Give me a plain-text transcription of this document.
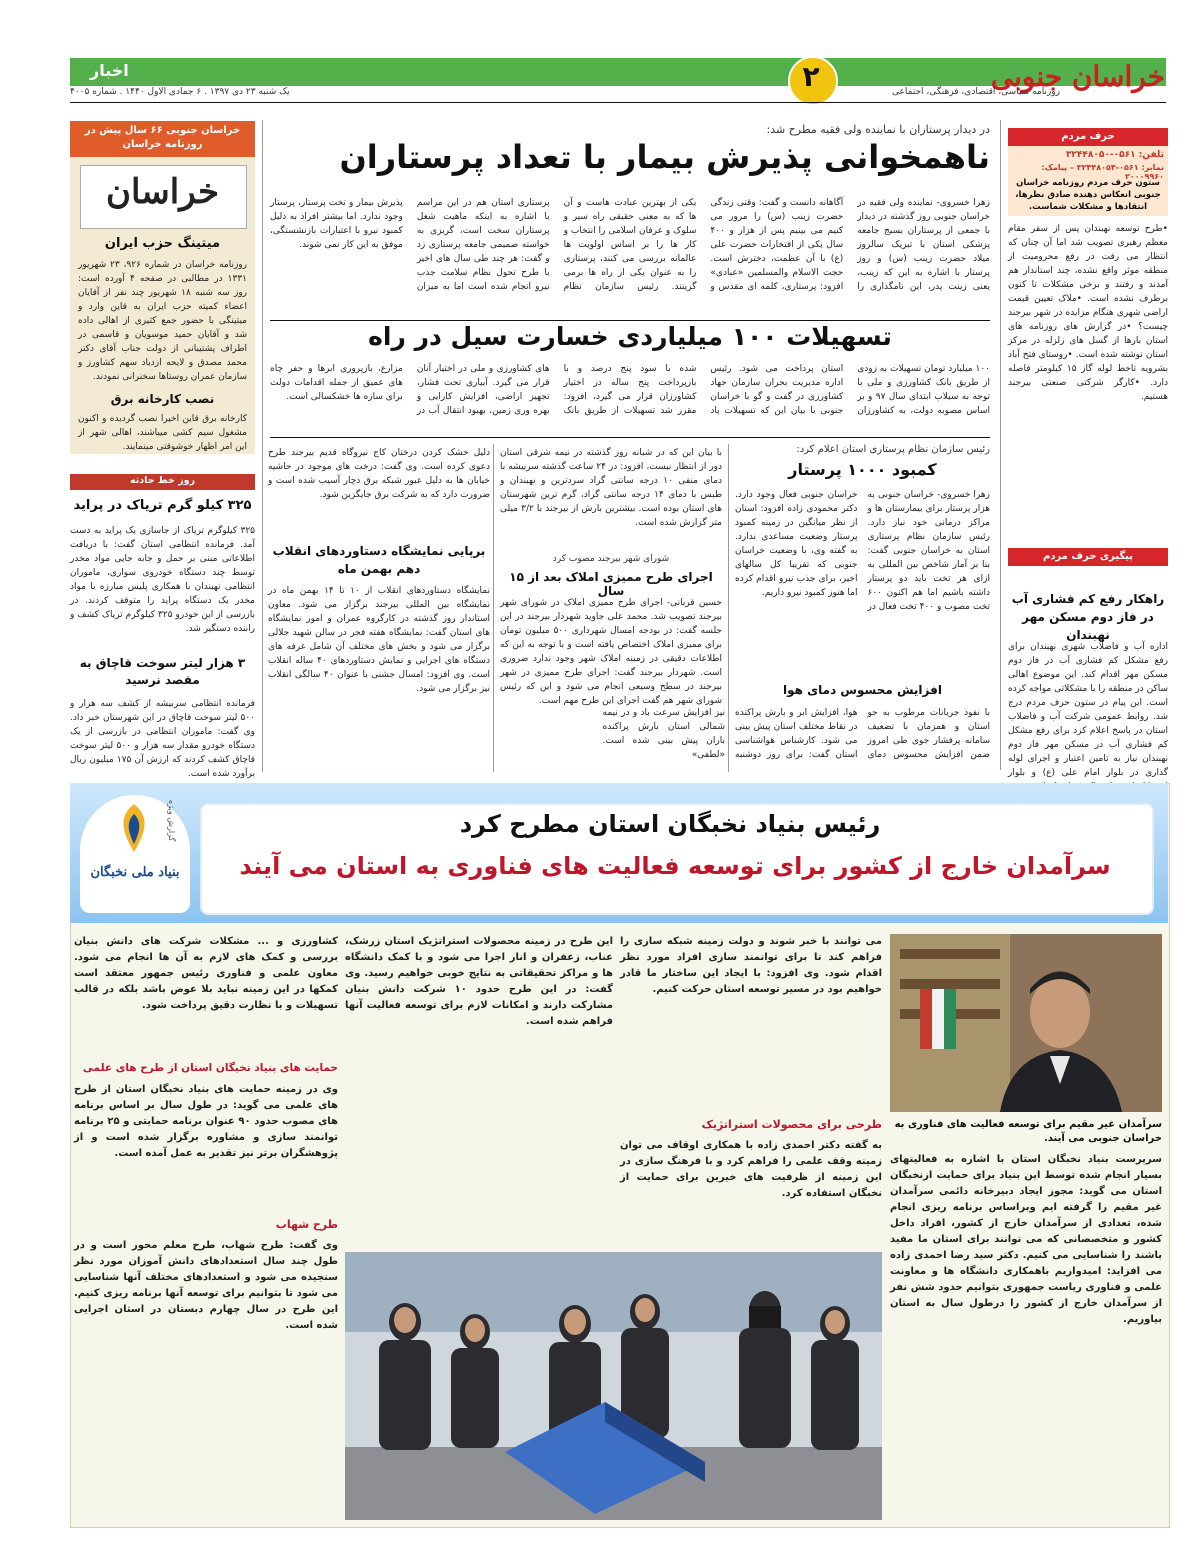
اخبار	۲	خراسان جنوبی
روزنامه سیاسی، اقتصادی، فرهنگی، اجتماعی
یک شنبه ۲۳ دی ۱۳۹۷ . ۶ جمادی الاول ۱۴۴۰ . شماره ۴۰۰۵
حرف مردم
تلفن: ۰۵۶۱-۳۲۴۴۸۰۵۰
نمابر: ۰۵۶۱-۳۲۴۴۸۰۵۴ – پیامک: ۲۰۰۰۹۹۶۰
ستون حرف مردم روزنامه خراسان جنوبی انعکاس دهنده صادق نظرها، انتقادها و مشکلات شماست.
•طرح توسعه نهبندان پس از سفر مقام معظم رهبری تصویب شد اما آن چنان که انتظار می رفت در رفع محرومیت از منطقه موثر واقع نشده، چند استاندار هم آمدند و رفتند و برخی مشکلات تا کنون برطرف نشده است. •ملاک تعیین قیمت اراضی شهری هنگام مزایده در شهر بیرجند چیست؟ •در گزارش های روزنامه های استان بارها از گسل های زلزله در مرکز استان نوشته شده است. •روستای فتح آباد بشرویه تاخط لوله گاز ۱۵ کیلومتر فاصله دارد. •کارگر شرکتی صنعتی بیرجند هستیم.
پیگیری حرف مردم
راهکار رفع کم فشاری آب در فاز دوم مسکن مهر نهبندان
اداره آب و فاضلاب شهری نهبندان برای رفع مشکل کم فشاری آب در فاز دوم مسکن مهر اقدام کند. این موضوع اهالی ساکن در منطقه را با مشکلاتی مواجه کرده است. این پیام در ستون حرف مردم درج شد. روابط عمومی شرکت آب و فاضلاب استان در پاسخ اعلام کرد برای رفع مشکل کم فشاری آب در مسکن مهر فاز دوم نهبندان نیاز به تامین اعتبار و اجرای لوله گذاری در بلوار امام علی (ع) و بلوار
در دیدار پرستاران با نماینده ولی فقیه مطرح شد:
ناهمخوانی پذیرش بیمار با تعداد پرستاران
زهرا خسروی- نماینده ولی فقیه در خراسان جنوبی روز گذشته در دیدار با جمعی از پرستاران بسیج جامعه پزشکی استان با تبریک سالروز میلاد حضرت زینب (س) و روز پرستار با اشاره به این که زینب، یعنی زینت پدر، این نامگذاری را آگاهانه دانست و گفت: وقتی زندگی حضرت زینب (س) را مرور می کنیم می بینیم پس از هزار و ۴۰۰ سال یکی از افتخارات حضرت علی (ع) با آن عظمت، دخترش است. حجت الاسلام والمسلمین «عبادی» افزود: پرستاری، کلمه ای مقدس و یکی از بهترین عبادت هاست و آن ها که به معنی حقیقی راه سیر و سلوک و عرفان اسلامی را انتخاب و کار ها را بر اساس اولویت ها عالمانه بررسی می کنند، پرستاری را به عنوان یکی از راه ها برمی گزینند. رئیس سازمان نظام پرستاری استان هم در این مراسم با اشاره به اینکه ماهیت شغل پرستاران سخت است، گریزی به خواسته صمیمی جامعه پرستاری زد و گفت: هر چند طی سال های اخیر با طرح تحول نظام سلامت جذب نیرو انجام شده است اما به میزان پذیرش بیمار و تخت پرستار، پرستار وجود ندارد. اما بیشتر افراد به دلیل کمبود نیرو با اعتبارات بازنشستگی، موفق به این کار نمی شوند.
تسهیلات ۱۰۰ میلیاردی خسارت سیل در راه
۱۰۰ میلیارد تومان تسهیلات به زودی از طریق بانک کشاورزی و ملی با توجه به سیلاب ابتدای سال ۹۷ و بر اساس مصوبه دولت، به کشاورزان استان پرداخت می شود. رئیس اداره مدیریت بحران سازمان جهاد کشاورزی در گفت و گو با خراسان جنوبی با بیان این که تسهیلات یاد شده با سود پنج درصد و با بازپرداخت پنج ساله در اختیار کشاورزان قرار می گیرد، افزود: مقرر شد تسهیلات از طریق بانک های کشاورزی و ملی در اختیار آنان قرار می گیرد. آبیاری تحت فشار، تجهیز اراضی، افزایش کارایی و بهره وری زمین، بهبود انتقال آب در مزارع، بازپروری ابرها و حفر چاه های عمیق از جمله اقدامات دولت برای سازه ها خشکسالی است.
رئیس سازمان نظام پرستاری استان اعلام کرد:
کمبود ۱۰۰۰ پرستار
زهرا خسروی- خراسان جنوبی به هزار پرستار برای بیمارستان ها و مراکز درمانی خود نیاز دارد. رئیس سازمان نظام پرستاری استان به خراسان جنوبی گفت: بنا بر آمار شاخص بین المللی به ازای هر تخت باید دو پرستار داشته باشیم اما هم اکنون ۶۰۰ تخت مصوب و ۴۰۰ تخت فعال در خراسان جنوبی فعال وجود دارد. دکتر محمودی زاده افزود: استان از نظر میانگین در زمینه کمبود پرستار وضعیت مساعدی ندارد. به گفته وی، با وضعیت خراسان جنوبی که تفریبا کل سالهای اخیر، برای جذب نیرو اقدام کرده اما هنوز کمبود نیرو داریم.
افزایش محسوس دمای هوا
با نفوذ جریانات مرطوب به جو استان و همزمان با تضعیف سامانه پرفشار جوی طی امروز ضمن افزایش محسوس دمای هوا، افزایش ابر و بارش پراکنده در نقاط مختلف استان پیش بینی می شود. کارشناس هواشناسی استان گفت: برای روز دوشنبه نیز افزایش سرعت باد و در نیمه شمالی استان بارش پراکنده باران پیش بینی شده است. «لطفی»
با بیان این که در شبانه روز گذشته در نیمه شرقی استان دور از انتظار نیست، افزود: در ۲۴ ساعت گذشته سربیشه با دمای منفی ۱۰ درجه سانتی گراد سردترین و نهبندان و طبس با دمای ۱۴ درجه سانتی گراد، گرم ترین شهرستان های استان بوده است. بیشترین بارش از بیرجند با ۳/۲ میلی متر گزارش شده است.
شورای شهر بیرجند مصوب کرد
اجرای طرح ممیزی املاک بعد از ۱۵ سال
حسین قربانی- اجرای طرح ممیزی املاک در شورای شهر بیرجند تصویب شد. محمد علی جاوید شهردار بیرجند در این جلسه گفت: در بودجه امسال شهرداری ۵۰۰ میلیون تومان برای ممیزی املاک اختصاص یافته است و با توجه به این که اطلاعات دقیقی در زمینه املاک شهر وجود ندارد ضروری است. شهردار بیرجند گفت: اجرای طرح ممیزی در شهر بیرجند در سطح وسیعی انجام می شود و این که رئیس شورای شهر هم گفت اجرای این طرح مهم است.
دلیل خشک کردن درختان کاج نیروگاه قدیم بیرجند طرح دعوی کرده است. وی گفت: درخت های موجود در حاشیه خیابان ها به دلیل عبور شبکه برق دچار آسیب شده است و ضرورت دارد که به شرکت برق جایگزین شود.
برپایی نمایشگاه دستاوردهای انقلاب دهم بهمن ماه
نمایشگاه دستاوردهای انقلاب از ۱۰ تا ۱۴ بهمن ماه در نمایشگاه بین المللی بیرجند برگزار می شود. معاون استاندار روز گذشته در کارگروه عمران و امور نمایشگاه های استان گفت: نمایشگاه هفته فجر در سالن شهید جلالی برگزار می شود و بخش های مختلف آن شامل غرفه های دستگاه های اجرایی و نمایش دستاوردهای ۴۰ ساله انقلاب است. وی افزود: امسال جشنی با عنوان ۴۰ سالگی انقلاب نیز برگزار می شود.
خراسان جنوبی ۶۶ سال پیش در روزنامه خراسان
خراسان
میتینگ حزب ایران
روزنامه خراسان در شماره ۹۲۶، ۲۳ شهریور ۱۳۳۱ در مطالبی در صفحه ۴ آورده است: روز سه شنبه ۱۸ شهریور چند نفر از آقایان اعضاء کمیته حزب ایران به قاین وارد و میتینگی با حضور جمع کثیری از اهالی داده شد و آقایان حمید موسویان و قاسمی در اطراف پشتیبانی از دولت جناب آقای دکتر محمد مصدق و لایحه ازدیاد سهم کشاورز و سازمان عمران روستاها سخنرانی نمودند.
نصب کارخانه برق
کارخانه برق قاین اخیرا نصب گردیده و اکنون مشغول سیم کشی میباشند، اهالی شهر از این امر اظهار خوشوقتی مینمایند.
روز خط حادثه
۳۲۵ کیلو گرم تریاک در پراید
۳۲۵ کیلوگرم تریاک از جاسازی یک پراید به دست آمد. فرمانده انتظامی استان گفت: با دریافت اطلاعاتی مبنی بر حمل و جابه جایی مواد مخدر توسط چند دستگاه خودروی سواری، ماموران انتظامی نهبندان با همکاری پلیس مبارزه با مواد مخدر یک دستگاه پراید را متوقف کردند. در بازرسی از این خودرو ۳۲۵ کیلوگرم تریاک کشف و راننده دستگیر شد.
۳ هزار لیتر سوخت قاچاق به مقصد نرسید
فرمانده انتظامی سربیشه از کشف سه هزار و ۵۰۰ لیتر سوخت قاچاق در این شهرستان خبر داد. وی گفت: ماموران انتظامی در بازرسی از یک دستگاه خودرو مقدار سه هزار و ۵۰۰ لیتر سوخت قاچاق کشف کردند که ارزش آن ۱۷۵ میلیون ریال برآورد شده است.
رئیس بنیاد نخبگان استان مطرح کرد
سرآمدان خارج از کشور برای توسعه فعالیت های فناوری به استان می آیند
بنیاد ملی نخبگان
گزارش ویژه
سرآمدان غیر مقیم برای توسعه فعالیت های فناوری به خراسان جنوبی می آیند.
سرپرست بنیاد نخبگان استان با اشاره به فعالیتهای بسیار انجام شده توسط این بنیاد برای حمایت ازنخبگان استان می گوید: مجوز ایجاد دبیرخانه دائمی سرآمدان غیر مقیم را گرفته ایم وبراساس برنامه ریزی انجام شده، تعدادی از سرآمدان خارج از کشور، افراد داخل کشور و متخصصانی که می توانند برای استان ما مفید باشند را شناسایی می کنیم. دکتر سید رضا احمدی زاده می افزاید: امیدواریم باهمکاری دانشگاه ها و معاونت علمی و فناوری ریاست جمهوری بتوانیم حدود شش نفر از سرآمدان خارج از کشور را درطول سال به استان بیاوریم.
می توانند با خبر شوند و دولت زمینه شبکه سازی را فراهم کند تا برای توانمند سازی افراد مورد نظر اقدام شود. وی افزود: با ایجاد این ساختار ما قادر خواهیم بود در مسیر توسعه استان حرکت کنیم.
طرحی برای محصولات استراتژیک
به گفته دکتر احمدی زاده با همکاری اوقاف می توان زمینه وقف علمی را فراهم کرد و با فرهنگ سازی در این زمینه از ظرفیت های خیرین برای حمایت از نخبگان استفاده کرد.
این طرح در زمینه محصولات استراتژیک استان زرشک، عناب، زعفران و انار اجرا می شود و با کمک دانشگاه ها و مراکز تحقیقاتی به نتایج خوبی خواهیم رسید. وی گفت: در این طرح حدود ۱۰ شرکت دانش بنیان مشارکت دارند و امکانات لازم برای توسعه فعالیت آنها فراهم شده است.
کشاورزی و ... مشکلات شرکت های دانش بنیان بررسی و کمک های لازم به آن ها انجام می شود. معاون علمی و فناوری رئیس جمهور معتقد است کمکها در این زمینه نباید بلا عوض باشد بلکه در قالب تسهیلات و با نظارت دقیق پرداخت شود.
حمایت های بنیاد نخبگان استان از طرح های علمی
وی در زمینه حمایت های بنیاد نخبگان استان از طرح های علمی می گوید: در طول سال بر اساس برنامه های مصوب حدود ۹۰ عنوان برنامه حمایتی و ۲۵ برنامه توانمند سازی و مشاوره برگزار شده است و از پژوهشگران برتر نیز تقدیر به عمل آمده است.
طرح شهاب
وی گفت: طرح شهاب، طرح معلم محور است و در طول چند سال استعدادهای دانش آموزان مورد نظر سنجیده می شود و استعدادهای مختلف آنها شناسایی می شود تا بتوانیم برای توسعه آنها برنامه ریزی کنیم. این طرح در سال چهارم دبستان در استان اجرایی شده است.
